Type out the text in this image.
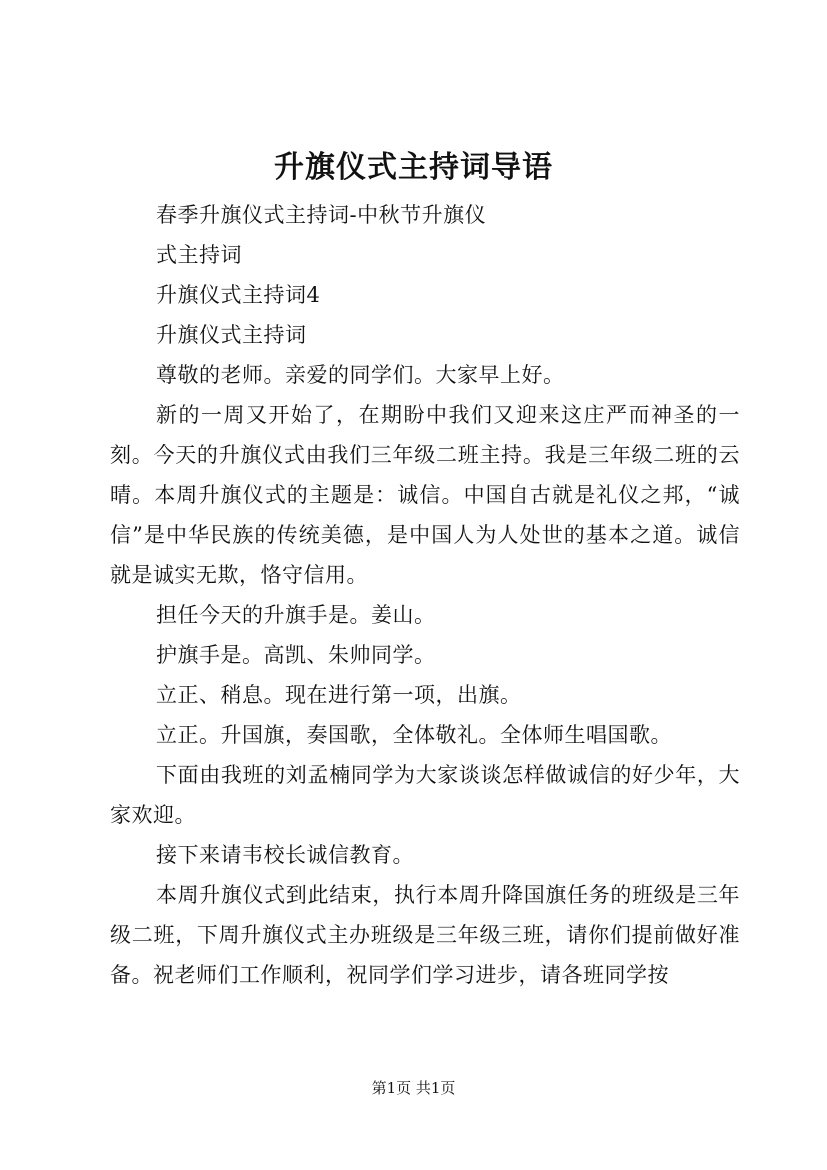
升旗仪式主持词导语

春季升旗仪式主持词-中秋节升旗仪

式主持词

升旗仪式主持词4

升旗仪式主持词

尊敬的老师。亲爱的同学们。大家早上好。

新的一周又开始了，在期盼中我们又迎来这庄严而神圣的一刻。今天的升旗仪式由我们三年级二班主持。我是三年级二班的云晴。本周升旗仪式的主题是：诚信。中国自古就是礼仪之邦，“诚信”是中华民族的传统美德，是中国人为人处世的基本之道。诚信就是诚实无欺，恪守信用。

担任今天的升旗手是。姜山。

护旗手是。高凯、朱帅同学。

立正、稍息。现在进行第一项，出旗。

立正。升国旗，奏国歌，全体敬礼。全体师生唱国歌。

下面由我班的刘孟楠同学为大家谈谈怎样做诚信的好少年，大家欢迎。

接下来请韦校长诚信教育。

本周升旗仪式到此结束，执行本周升降国旗任务的班级是三年级二班，下周升旗仪式主办班级是三年级三班，请你们提前做好准备。祝老师们工作顺利，祝同学们学习进步，请各班同学按

第1页 共1页
